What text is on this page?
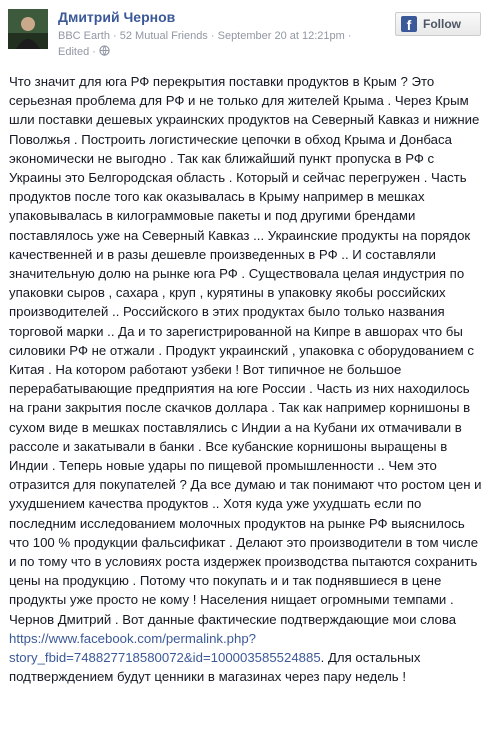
Дмитрий Чернов
BBC Earth · 52 Mutual Friends · September 20 at 12:21pm ·
Edited ·
f Follow
Что значит для юга РФ перекрытия поставки продуктов в Крым ? Это серьезная проблема для РФ и не только для жителей Крыма . Через Крым шли поставки дешевых украинских продуктов на Северный Кавказ и нижние Поволжья . Построить логистические цепочки в обход Крыма и Донбаса экономически не выгодно . Так как ближайший пункт пропуска в РФ с Украины это Белгородская область . Который и сейчас перегружен . Часть продуктов после того как оказывалась в Крыму например в мешках упаковывалась в килограммовые пакеты и под другими брендами поставлялось уже на Северный Кавказ ... Украинские продукты на порядок качественней и в разы дешевле произведенных в РФ .. И составляли значительную долю на рынке юга РФ . Существовала целая индустрия по упаковки сыров , сахара , круп , курятины в упаковку якобы российских производителей .. Российского в этих продуктах было только названия торговой марки .. Да и то зарегистрированной на Кипре в авшорах что бы силовики РФ не отжали . Продукт украинский , упаковка с оборудованием с Китая . На котором работают узбеки ! Вот типичное не большое перерабатывающие предприятия на юге России . Часть из них находилось на грани закрытия после скачков доллара . Так как например корнишоны в сухом виде в мешках поставлялись с Индии а на Кубани их отмачивали в рассоле и закатывали в банки . Все кубанские корнишоны выращены в Индии . Теперь новые удары по пищевой промышленности .. Чем это отразится для покупателей ? Да все думаю и так понимают что ростом цен и ухудшением качества продуктов .. Хотя куда уже ухудшать если по последним исследованием молочных продуктов на рынке РФ выяснилось что 100 % продукции фальсификат . Делают это производители в том числе и по тому что в условиях роста издержек производства пытаются сохранить цены на продукцию . Потому что покупать и и так поднявшиеся в цене продукты уже просто не кому ! Населения нищает огромными темпами . Чернов Дмитрий . Вот данные фактические подтверждающие мои слова https://www.facebook.com/permalink.php?story_fbid=748827718580072&id=100003585524885. Для остальных подтверждением будут ценники в магазинах через пару недель !
